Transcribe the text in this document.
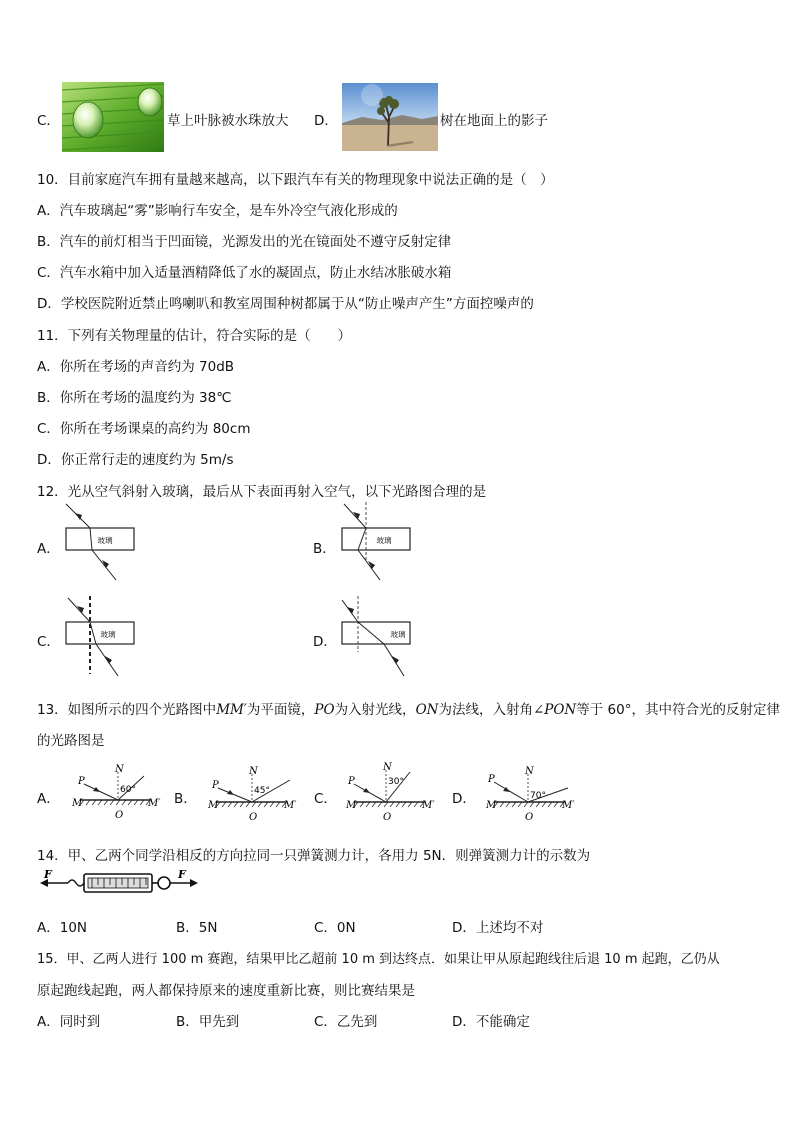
C．	草上叶脉被水珠放大 D．	树在地面上的影子
10．目前家庭汽车拥有量越来越高，以下跟汽车有关的物理现象中说法正确的是（　）
A．汽车玻璃起“雾”影响行车安全，是车外冷空气液化形成的
B．汽车的前灯相当于凹面镜，光源发出的光在镜面处不遵守反射定律
C．汽车水箱中加入适量酒精降低了水的凝固点，防止水结冰胀破水箱
D．学校医院附近禁止鸣喇叭和教室周围种树都属于从“防止噪声产生”方面控噪声的
11．下列有关物理量的估计，符合实际的是（　　）
A．你所在考场的声音约为 70dB
B．你所在考场的温度约为 38℃
C．你所在考场课桌的高约为 80cm
D．你正常行走的速度约为 5m/s
12．光从空气斜射入玻璃，最后从下表面再射入空气，以下光路图合理的是
A．
玻璃
B．
玻璃
C．	玻璃	D．	玻璃
13．如图所示的四个光路图中MM′为平面镜，PO为入射光线，ON为法线，入射角∠PON等于 60°，其中符合光的反射定律
的光路图是
A．
P
N
M	M′
O
60°
B．
P
N
M	M′
O
45°	C．
P
N
M	M′
O
30°
D．
P
N
M	M′
O
70°
14．甲、乙两个同学沿相反的方向拉同一只弹簧测力计，各用力 5N．则弹簧测力计的示数为
F	F
A．10N	B．5N	C．0N	D．上述均不对
15．甲、乙两人进行 100 m 赛跑，结果甲比乙超前 10 m 到达终点．如果让甲从原起跑线往后退 10 m 起跑，乙仍从
原起跑线起跑，两人都保持原来的速度重新比赛，则比赛结果是
A．同时到	B．甲先到	C．乙先到	D．不能确定
